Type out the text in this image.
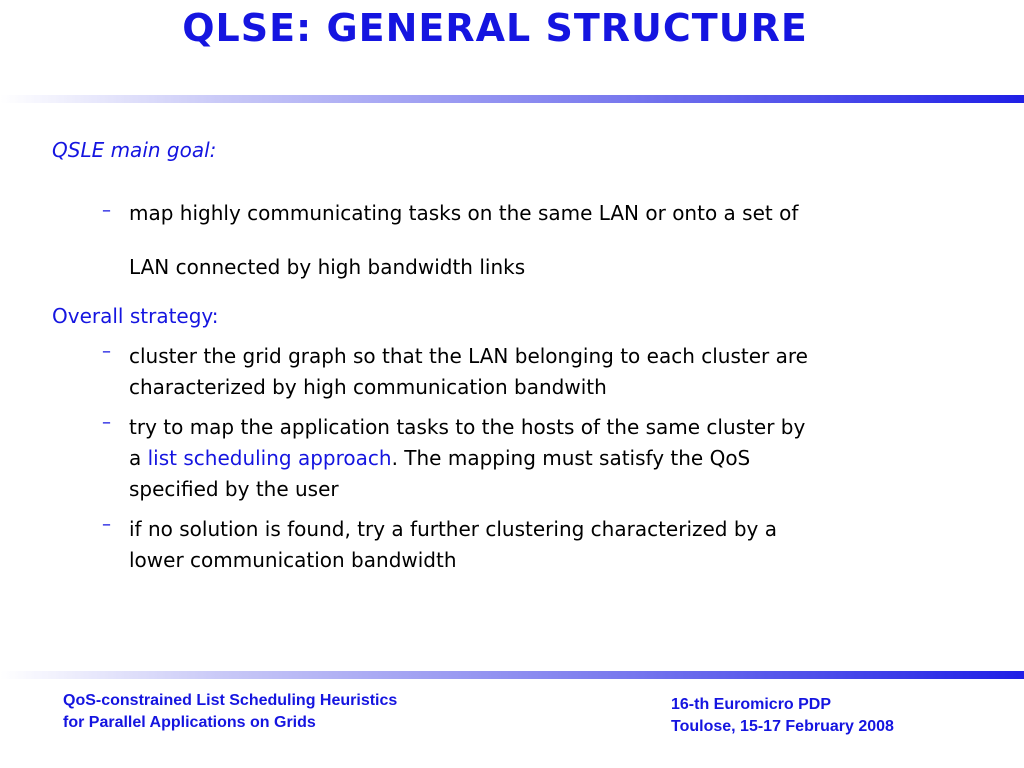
QLSE: GENERAL STRUCTURE
QSLE main goal:
– map highly communicating tasks on the same LAN or onto a set of
LAN connected by high bandwidth links
Overall strategy:
– cluster the grid graph so that the LAN belonging to each cluster are
characterized by high communication bandwith
– try to map the application tasks to the hosts of the same cluster by
a list scheduling approach. The mapping must satisfy the QoS
specified by the user
– if no solution is found, try a further clustering characterized by a
lower communication bandwidth
QoS-constrained List Scheduling Heuristics
for Parallel Applications on Grids
16-th Euromicro PDP
Toulose, 15-17 February 2008
